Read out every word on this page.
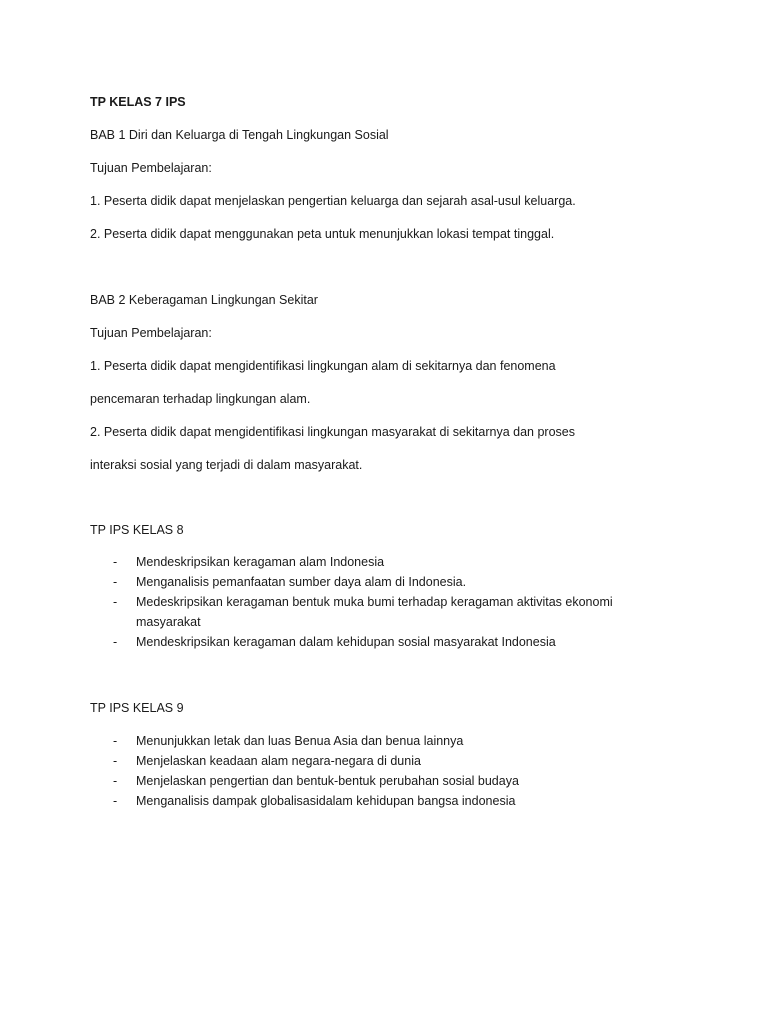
TP KELAS 7 IPS
BAB 1 Diri dan Keluarga di Tengah Lingkungan Sosial
Tujuan Pembelajaran:
1. Peserta didik dapat menjelaskan pengertian keluarga dan sejarah asal-usul keluarga.
2. Peserta didik dapat menggunakan peta untuk menunjukkan lokasi tempat tinggal.
BAB 2 Keberagaman Lingkungan Sekitar
Tujuan Pembelajaran:
1. Peserta didik dapat mengidentifikasi lingkungan alam di sekitarnya dan fenomena
pencemaran terhadap lingkungan alam.
2. Peserta didik dapat mengidentifikasi lingkungan masyarakat di sekitarnya dan proses
interaksi sosial yang terjadi di dalam masyarakat.
TP IPS KELAS 8
- Mendeskripsikan keragaman alam Indonesia
- Menganalisis pemanfaatan sumber daya alam di Indonesia.
- Medeskripsikan keragaman bentuk muka bumi terhadap keragaman aktivitas ekonomi masyarakat
- Mendeskripsikan keragaman dalam kehidupan sosial masyarakat Indonesia
TP IPS KELAS 9
- Menunjukkan letak dan luas Benua Asia dan benua lainnya
- Menjelaskan keadaan alam negara-negara di dunia
- Menjelaskan pengertian dan bentuk-bentuk perubahan sosial budaya
- Menganalisis dampak globalisasidalam kehidupan bangsa indonesia
